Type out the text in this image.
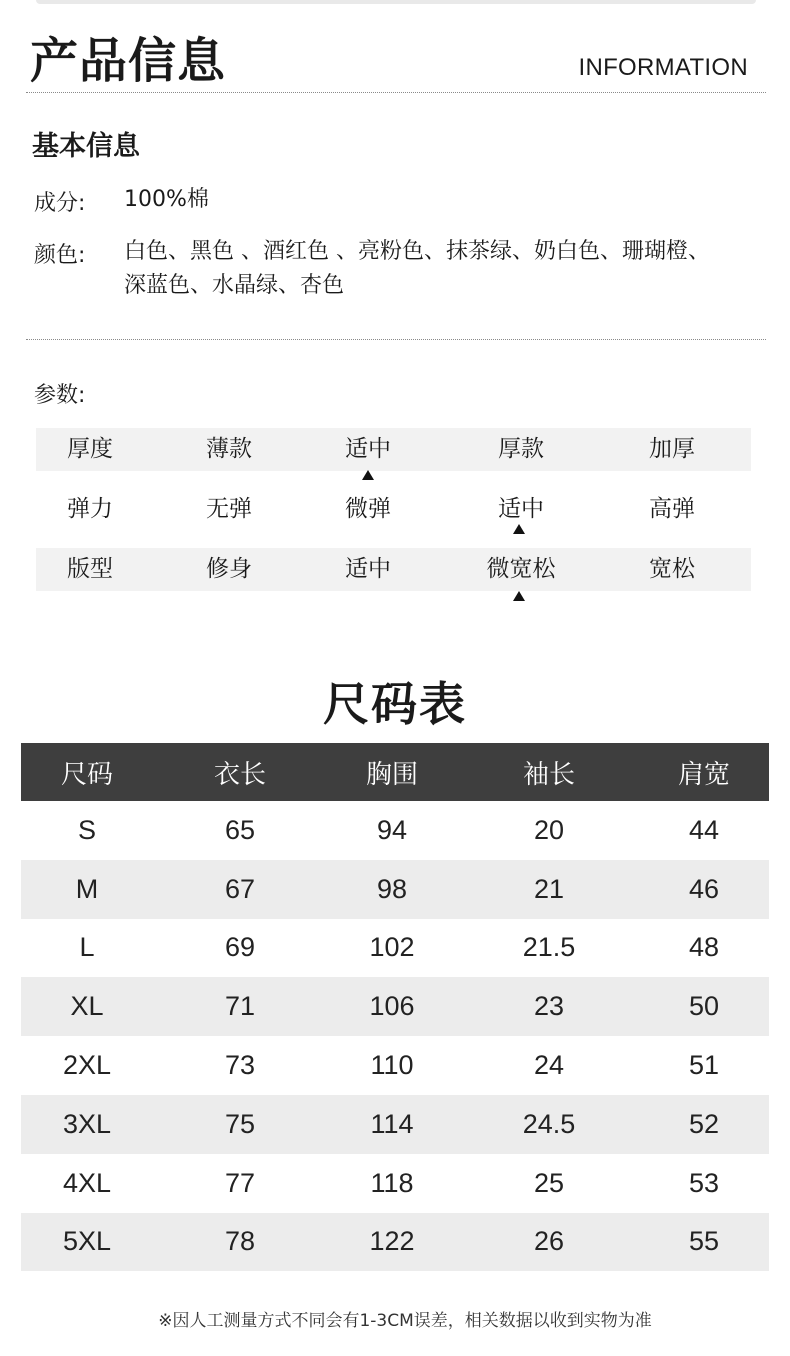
产品信息	INFORMATION
基本信息
成分: 100%棉
颜色: 白色、黑色 、酒红色 、亮粉色、抹茶绿、奶白色、珊瑚橙、
深蓝色、水晶绿、杏色
参数:
厚度	薄款	适中	厚款	加厚
弹力	无弹	微弹	适中	高弹
版型	修身	适中	微宽松	宽松
尺码表
尺码	衣长	胸围	袖长	肩宽
S	65	94	20	44
M	67	98	21	46
L	69	102	21.5	48
XL	71	106	23	50
2XL	73	110	24	51
3XL	75	114	24.5	52
4XL	77	118	25	53
5XL	78	122	26	55
※因人工测量方式不同会有1-3CM误差，相关数据以收到实物为准
